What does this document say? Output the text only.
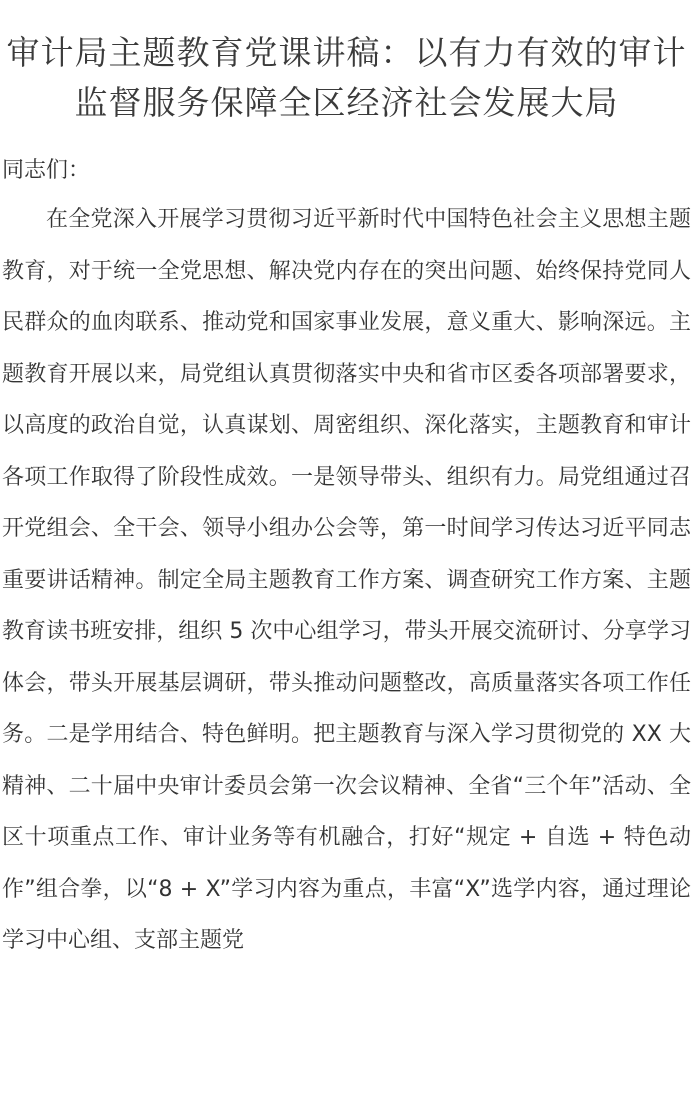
审计局主题教育党课讲稿：以有力有效的审计监督服务保障全区经济社会发展大局

同志们：

在全党深入开展学习贯彻习近平新时代中国特色社会主义思想主题教育，对于统一全党思想、解决党内存在的突出问题、始终保持党同人民群众的血肉联系、推动党和国家事业发展，意义重大、影响深远。主题教育开展以来，局党组认真贯彻落实中央和省市区委各项部署要求，以高度的政治自觉，认真谋划、周密组织、深化落实，主题教育和审计各项工作取得了阶段性成效。一是领导带头、组织有力。局党组通过召开党组会、全干会、领导小组办公会等，第一时间学习传达习近平同志重要讲话精神。制定全局主题教育工作方案、调查研究工作方案、主题教育读书班安排，组织 5 次中心组学习，带头开展交流研讨、分享学习体会，带头开展基层调研，带头推动问题整改，高质量落实各项工作任务。二是学用结合、特色鲜明。把主题教育与深入学习贯彻党的 XX 大精神、二十届中央审计委员会第一次会议精神、全省“三个年”活动、全区十项重点工作、审计业务等有机融合，打好“规定 + 自选 + 特色动作”组合拳，以“8 + X”学习内容为重点，丰富“X”选学内容，通过理论学习中心组、支部主题党
